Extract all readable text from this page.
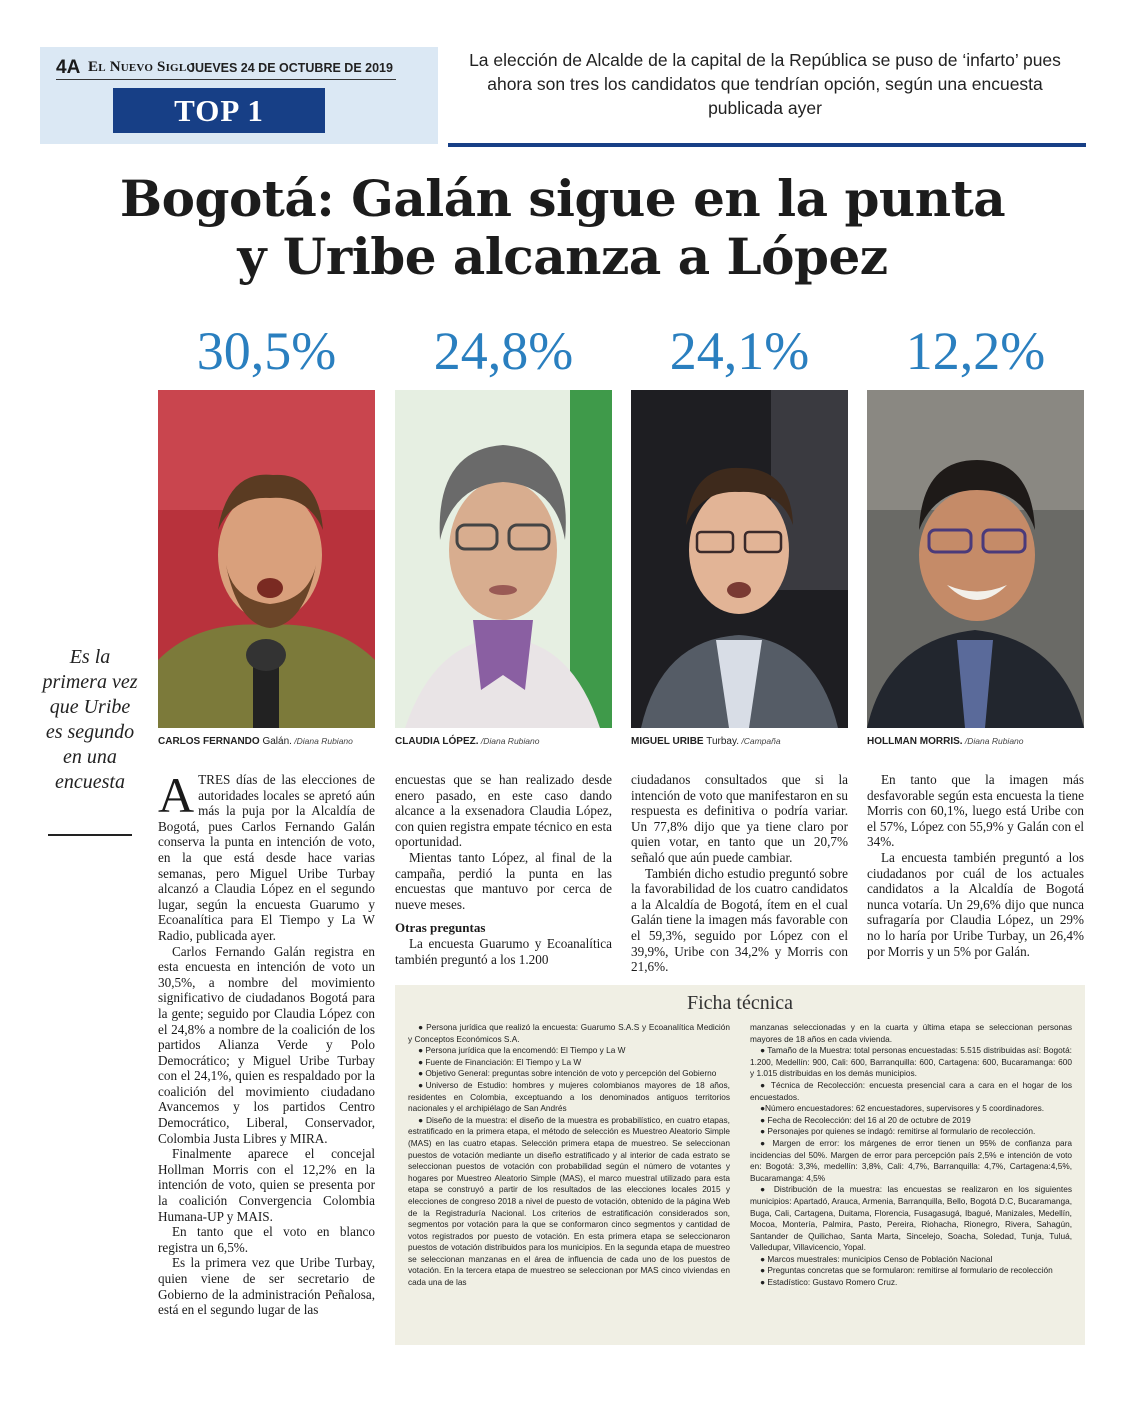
4A El Nuevo Siglo
JUEVES 24 DE OCTUBRE DE 2019
TOP 1
La elección de Alcalde de la capital de la República se puso de ‘infarto’ pues ahora son tres los candidatos que tendrían opción, según una encuesta publicada ayer
Bogotá: Galán sigue en la punta
y Uribe alcanza a López
30,5%	24,8%	24,1%	12,2%
CARLOS FERNANDO Galán. /Diana Rubiano	CLAUDIA LÓPEZ. /Diana Rubiano	MIGUEL URIBE Turbay. /Campaña	HOLLMAN MORRIS. /Diana Rubiano
Es la primera vez que Uribe es segundo en una encuesta ATRES días de las elecciones de autoridades locales se apretó aún más la puja por la Alcaldía de Bogotá, pues Carlos Fernando Galán conserva la punta en intención de voto, en la que está desde hace varias semanas, pero Miguel Uribe Turbay alcanzó a Claudia López en el segundo lugar, según la encuesta Guarumo y Ecoanalítica para El Tiempo y La W Radio, publicada ayer.

Carlos Fernando Galán registra en esta encuesta en intención de voto un 30,5%, a nombre del movimiento significativo de ciudadanos Bogotá para la gente; seguido por Claudia López con el 24,8% a nombre de la coalición de los partidos Alianza Verde y Polo Democrático; y Miguel Uribe Turbay con el 24,1%, quien es respaldado por la coalición del movimiento ciudadano Avancemos y los partidos Centro Democrático, Liberal, Conservador, Colombia Justa Libres y MIRA.

Finalmente aparece el concejal Hollman Morris con el 12,2% en la intención de voto, quien se presenta por la coalición Convergencia Colombia Humana-UP y MAIS.

En tanto que el voto en blanco registra un 6,5%.

Es la primera vez que Uribe Turbay, quien viene de ser secretario de Gobierno de la administración Peñalosa, está en el segundo lugar de las

encuestas que se han realizado desde enero pasado, en este caso dando alcance a la exsenadora Claudia López, con quien registra empate técnico en esta oportunidad.

Mientas tanto López, al final de la campaña, perdió la punta en las encuestas que mantuvo por cerca de nueve meses.

Otras preguntas

La encuesta Guarumo y Ecoanalítica también preguntó a los 1.200

ciudadanos consultados que si la intención de voto que manifestaron en su respuesta es definitiva o podría variar. Un 77,8% dijo que ya tiene claro por quien votar, en tanto que un 20,7% señaló que aún puede cambiar.

También dicho estudio preguntó sobre la favorabilidad de los cuatro candidatos a la Alcaldía de Bogotá, ítem en el cual Galán tiene la imagen más favorable con el 59,3%, seguido por López con el 39,9%, Uribe con 34,2% y Morris con 21,6%.

En tanto que la imagen más desfavorable según esta encuesta la tiene Morris con 60,1%, luego está Uribe con el 57%, López con 55,9% y Galán con el 34%.

La encuesta también preguntó a los ciudadanos por cuál de los actuales candidatos a la Alcaldía de Bogotá nunca votaría. Un 29,6% dijo que nunca sufragaría por Claudia López, un 29% no lo haría por Uribe Turbay, un 26,4% por Morris y un 5% por Galán.

Ficha técnica
● Persona jurídica que realizó la encuesta: Guarumo S.A.S y Ecoanalítica Medición y Conceptos Económicos S.A.
● Persona jurídica que la encomendó: El Tiempo y La W
● Fuente de Financiación: El Tiempo y La W
● Objetivo General: preguntas sobre intención de voto y percepción del Gobierno
●Universo de Estudio: hombres y mujeres colombianos mayores de 18 años, residentes en Colombia, exceptuando a los denominados antiguos territorios nacionales y el archipiélago de San Andrés
● Diseño de la muestra: el diseño de la muestra es probabilístico, en cuatro etapas, estratificado en la primera etapa, el método de selección es Muestreo Aleatorio Simple (MAS) en las cuatro etapas. Selección primera etapa de muestreo. Se seleccionan puestos de votación mediante un diseño estratificado y al interior de cada estrato se seleccionan puestos de votación con probabilidad según el número de votantes y hogares por Muestreo Aleatorio Simple (MAS), el marco muestral utilizado para esta etapa se construyó a partir de los resultados de las elecciones locales 2015 y elecciones de congreso 2018 a nivel de puesto de votación, obtenido de la página Web de la Registraduría Nacional. Los criterios de estratificación considerados son, segmentos por votación para la que se conformaron cinco segmentos y cantidad de votos registrados por puesto de votación. En esta primera etapa se seleccionaron puestos de votación distribuidos para los municipios. En la segunda etapa de muestreo se seleccionan manzanas en el área de influencia de cada uno de los puestos de votación. En la tercera etapa de muestreo se seleccionan por MAS cinco viviendas en cada una de las
manzanas seleccionadas y en la cuarta y última etapa se seleccionan personas mayores de 18 años en cada vivienda.
● Tamaño de la Muestra: total personas encuestadas: 5.515 distribuidas así: Bogotá: 1.200, Medellín: 900, Cali: 600, Barranquilla: 600, Cartagena: 600, Bucaramanga: 600 y 1.015 distribuidas en los demás municipios.
● Técnica de Recolección: encuesta presencial cara a cara en el hogar de los encuestados.
●Número encuestadores: 62 encuestadores, supervisores y 5 coordinadores.
● Fecha de Recolección: del 16 al 20 de octubre de 2019
● Personajes por quienes se indagó: remitirse al formulario de recolección.
● Margen de error: los márgenes de error tienen un 95% de confianza para incidencias del 50%. Margen de error para percepción país 2,5% e intención de voto en: Bogotá: 3,3%, medellín: 3,8%, Cali: 4,7%, Barranquilla: 4,7%, Cartagena:4,5%, Bucaramanga: 4,5%
● Distribución de la muestra: las encuestas se realizaron en los siguientes municipios: Apartadó, Arauca, Armenia, Barranquilla, Bello, Bogotá D.C, Bucaramanga, Buga, Cali, Cartagena, Duitama, Florencia, Fusagasugá, Ibagué, Manizales, Medellín, Mocoa, Montería, Palmira, Pasto, Pereira, Riohacha, Rionegro, Rivera, Sahagún, Santander de Quilichao, Santa Marta, Sincelejo, Soacha, Soledad, Tunja, Tuluá, Valledupar, Villavicencio, Yopal.
● Marcos muestrales: municipios Censo de Población Nacional
● Preguntas concretas que se formularon: remitirse al formulario de recolección
● Estadístico: Gustavo Romero Cruz.
